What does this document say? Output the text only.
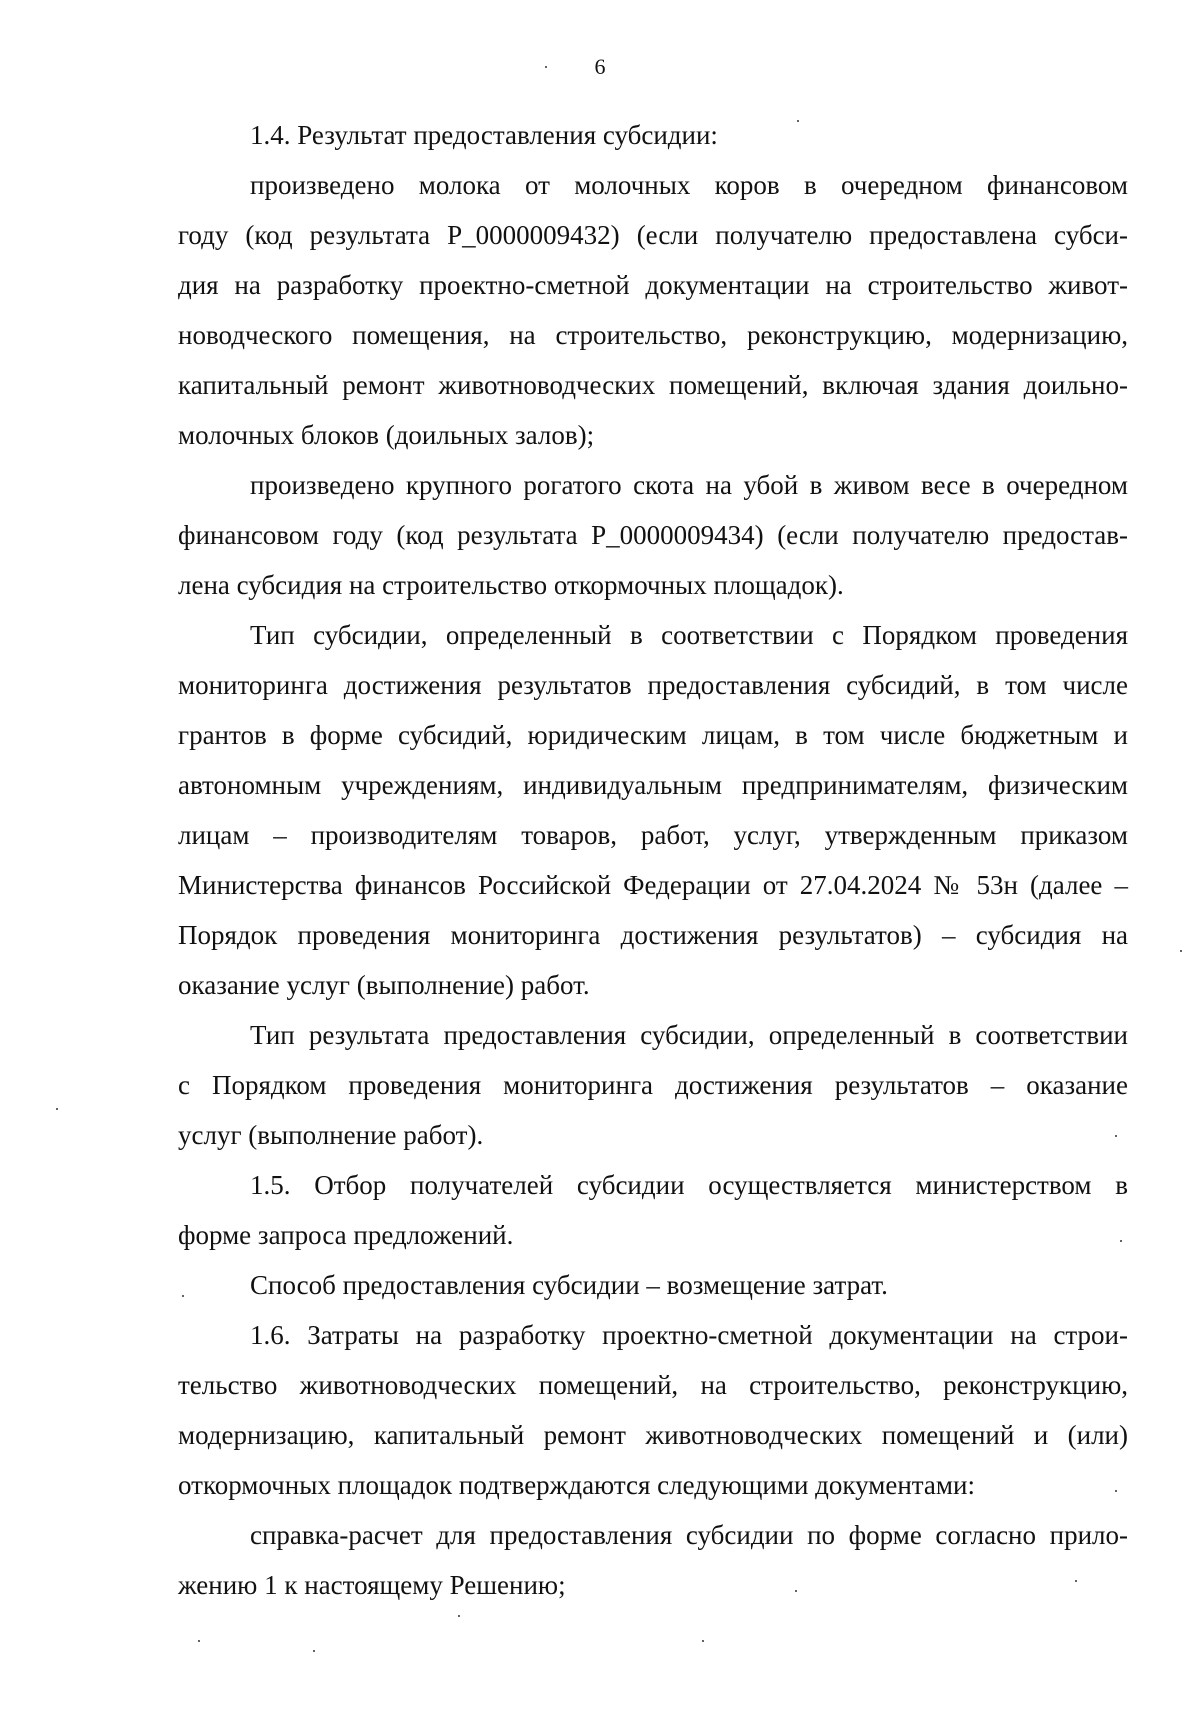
6
1.4. Результат предоставления субсидии:
произведено молока от молочных коров в очередном финансовом
году (код результата Р_0000009432) (если получателю предоставлена субси-
дия на разработку проектно-сметной документации на строительство живот-
новодческого помещения, на строительство, реконструкцию, модернизацию,
капитальный ремонт животноводческих помещений, включая здания доильно-
молочных блоков (доильных залов);
произведено крупного рогатого скота на убой в живом весе в очередном
финансовом году (код результата Р_0000009434) (если получателю предостав-
лена субсидия на строительство откормочных площадок).
Тип субсидии, определенный в соответствии с Порядком проведения
мониторинга достижения результатов предоставления субсидий, в том числе
грантов в форме субсидий, юридическим лицам, в том числе бюджетным и
автономным учреждениям, индивидуальным предпринимателям, физическим
лицам – производителям товаров, работ, услуг, утвержденным приказом
Министерства финансов Российской Федерации от 27.04.2024 № 53н (далее –
Порядок проведения мониторинга достижения результатов) – субсидия на
оказание услуг (выполнение) работ.
Тип результата предоставления субсидии, определенный в соответствии
с Порядком проведения мониторинга достижения результатов – оказание
услуг (выполнение работ).
1.5. Отбор получателей субсидии осуществляется министерством в
форме запроса предложений.
Способ предоставления субсидии – возмещение затрат.
1.6. Затраты на разработку проектно-сметной документации на строи-
тельство животноводческих помещений, на строительство, реконструкцию,
модернизацию, капитальный ремонт животноводческих помещений и (или)
откормочных площадок подтверждаются следующими документами:
справка-расчет для предоставления субсидии по форме согласно прило-
жению 1 к настоящему Решению;
